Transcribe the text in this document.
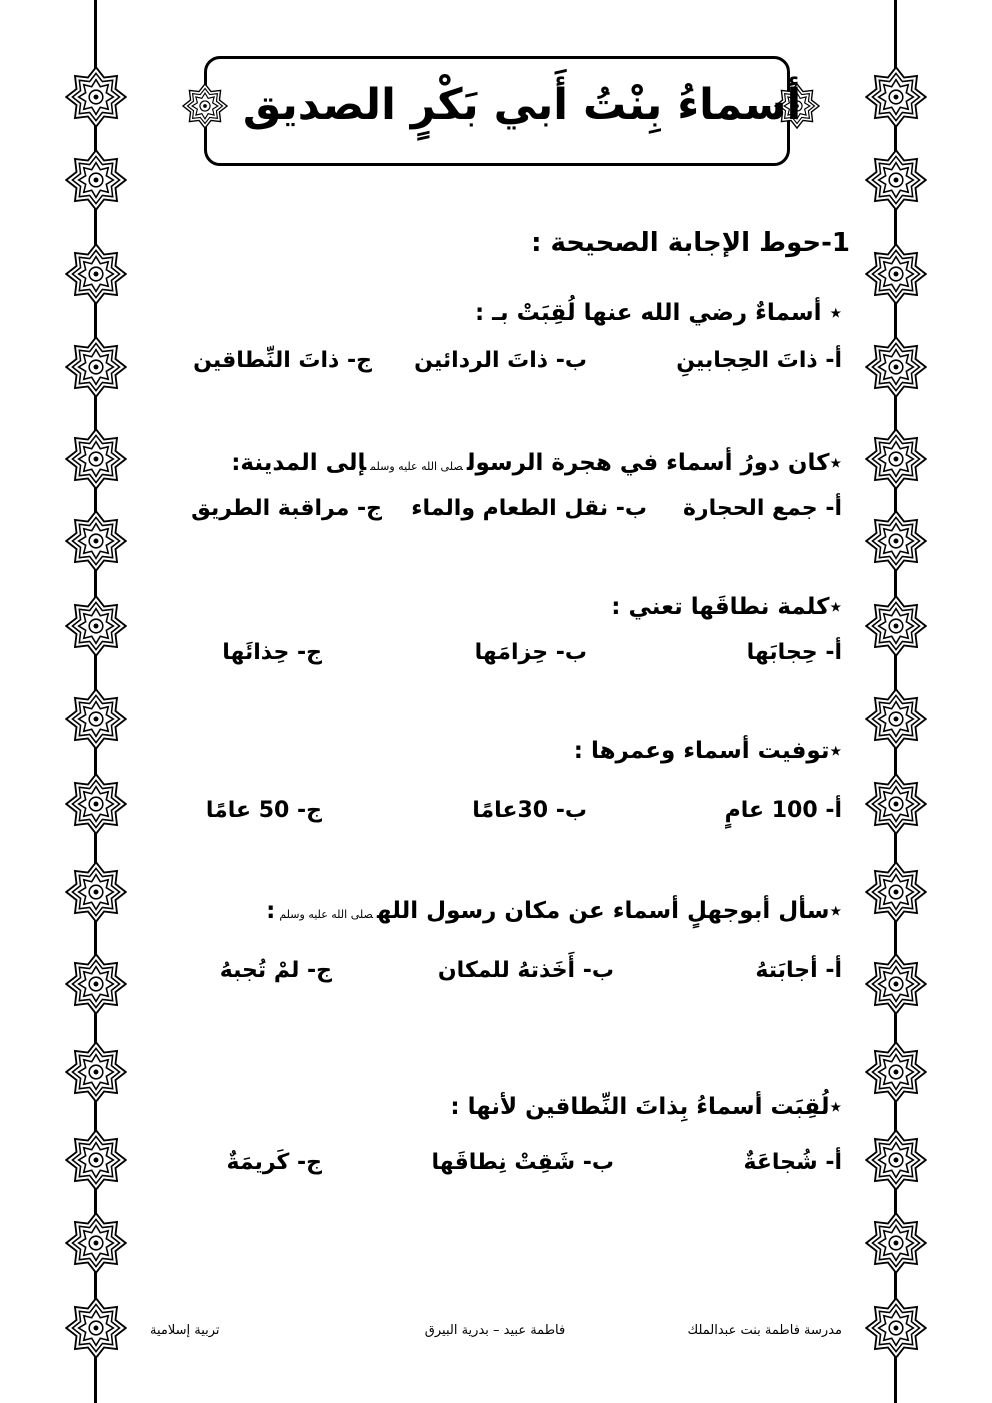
أسماءُ بِنْتُ أَبي بَكْرٍ الصديق
1-حوط الإجابة الصحيحة :
٭ أسماءٌ رضي الله عنها لُقِبَتْ بـ :
أ- ذاتَ الحِجابينِ
ب- ذاتَ الردائين
ج- ذاتَ النِّطاقين
٭كان دورُ أسماء في هجرة الرسولصلى الله عليه وسلمإلى المدينة:
أ- جمع الحجارة
ب- نقل الطعام والماء
ج- مراقبة الطريق
٭كلمة نطاقَها تعني :
أ- حِجابَها
ب- حِزامَها
ج- حِذائَها
٭توفيت أسماء وعمرها :
أ- 100 عامٍ
ب- 30عامًا
ج- 50 عامًا
٭سأل أبوجهلٍ أسماء عن مكان رسول اللهصلى الله عليه وسلم:
أ- أجابَتهُ
ب- أَخَذتهُ للمكان
ج- لمْ تُجبهُ
٭لُقِبَت أسماءُ بِذاتَ النِّطاقين لأنها :
أ- شُجاعَةٌ
ب- شَقِتْ نِطاقَها
ج- كَريمَةٌ
مدرسة فاطمة بنت عبدالملك
فاطمة عبيد – بدرية البيرق
تربية إسلامية
